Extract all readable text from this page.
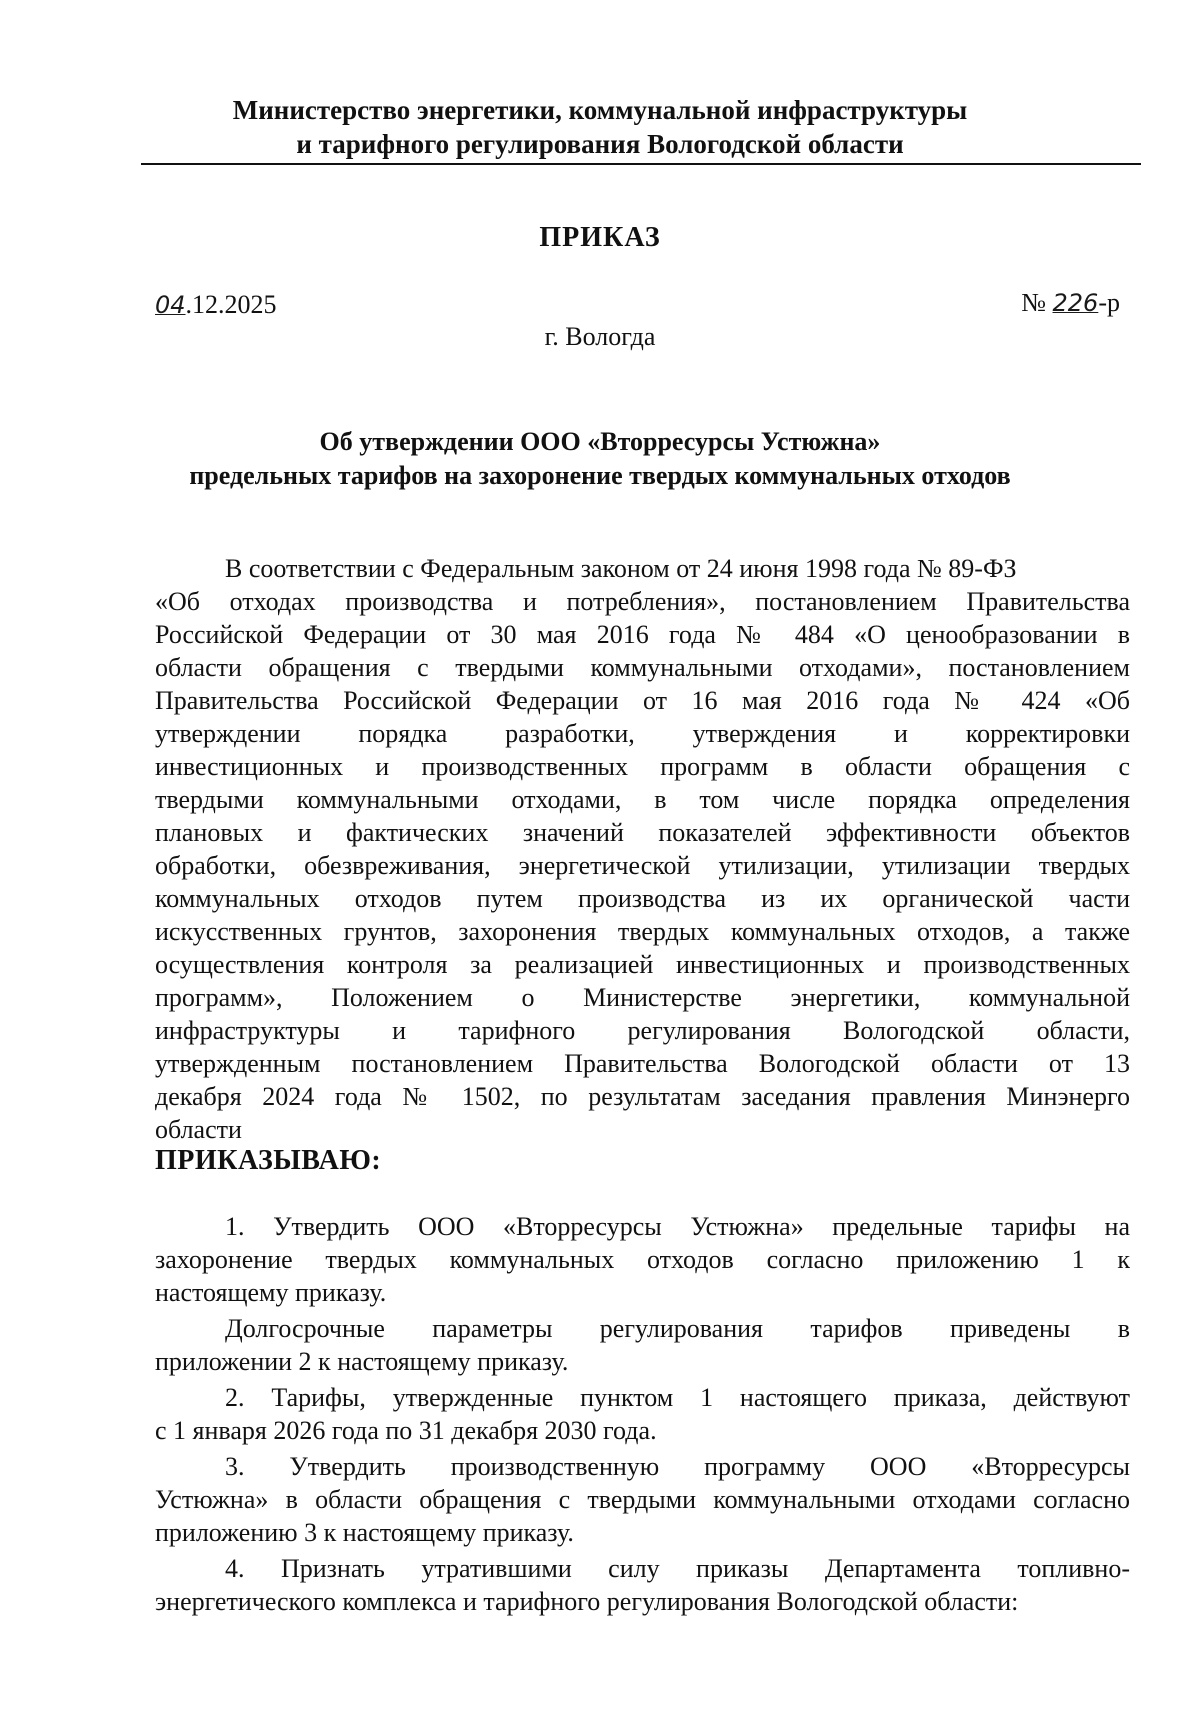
Министерство энергетики, коммунальной инфраструктуры
и тарифного регулирования Вологодской области
ПРИКАЗ
04.12.2025	№ 226-р
г. Вологда
Об утверждении ООО «Вторресурсы Устюжна»
предельных тарифов на захоронение твердых коммунальных отходов
В соответствии с Федеральным законом от 24 июня 1998 года № 89-ФЗ
«Об отходах производства и потребления», постановлением Правительства
Российской Федерации от 30 мая 2016 года № 484 «О ценообразовании в
области обращения с твердыми коммунальными отходами», постановлением
Правительства Российской Федерации от 16 мая 2016 года № 424 «Об
утверждении порядка разработки, утверждения и корректировки
инвестиционных и производственных программ в области обращения с
твердыми коммунальными отходами, в том числе порядка определения
плановых и фактических значений показателей эффективности объектов
обработки, обезвреживания, энергетической утилизации, утилизации твердых
коммунальных отходов путем производства из их органической части
искусственных грунтов, захоронения твердых коммунальных отходов, а также
осуществления контроля за реализацией инвестиционных и производственных
программ», Положением о Министерстве энергетики, коммунальной
инфраструктуры и тарифного регулирования Вологодской области,
утвержденным постановлением Правительства Вологодской области от 13
декабря 2024 года № 1502, по результатам заседания правления Минэнерго
области
ПРИКАЗЫВАЮ:
1. Утвердить ООО «Вторресурсы Устюжна» предельные тарифы на
захоронение твердых коммунальных отходов согласно приложению 1 к
настоящему приказу.
Долгосрочные параметры регулирования тарифов приведены в
приложении 2 к настоящему приказу.
2. Тарифы, утвержденные пунктом 1 настоящего приказа, действуют
с 1 января 2026 года по 31 декабря 2030 года.
3. Утвердить производственную программу ООО «Вторресурсы
Устюжна» в области обращения с твердыми коммунальными отходами согласно
приложению 3 к настоящему приказу.
4. Признать утратившими силу приказы Департамента топливно-
энергетического комплекса и тарифного регулирования Вологодской области:
